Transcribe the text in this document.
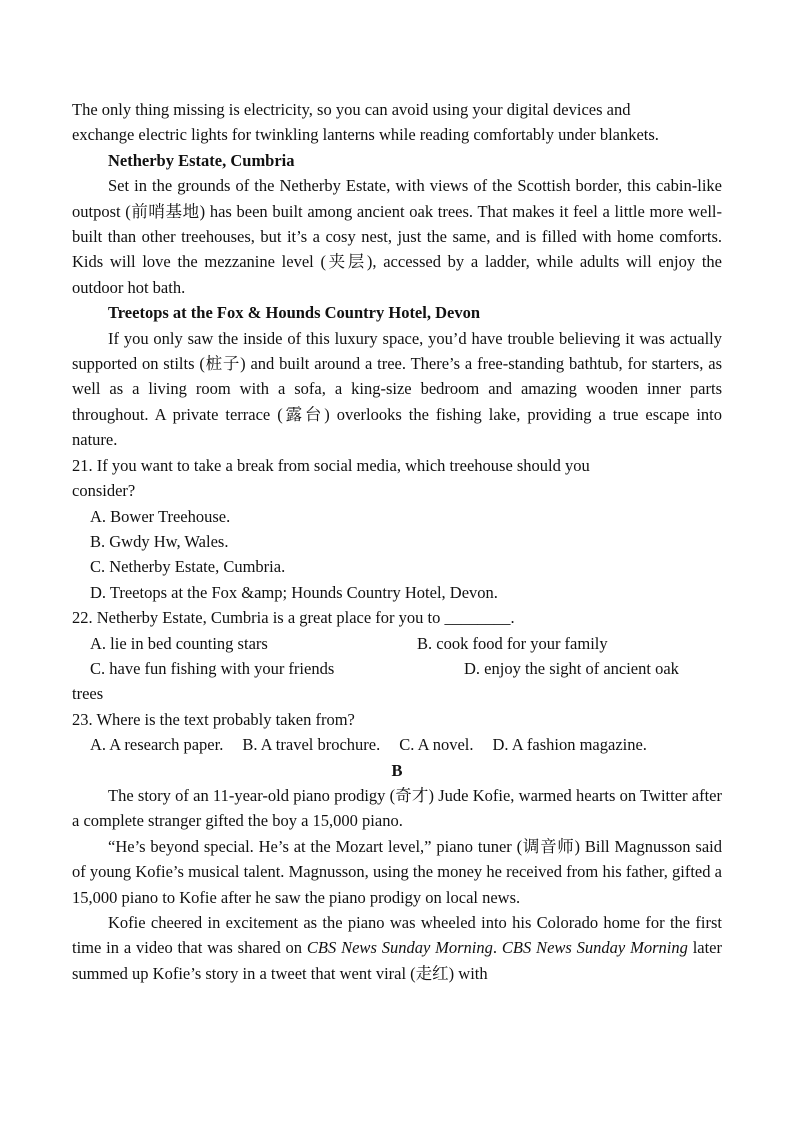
The only thing missing is electricity, so you can avoid using your digital devices and

exchange electric lights for twinkling lanterns while reading comfortably under blankets.

Netherby Estate, Cumbria

Set in the grounds of the Netherby Estate, with views of the Scottish border, this cabin-like outpost (前哨基地) has been built among ancient oak trees. That makes it feel a little more well- built than other treehouses, but it’s a cosy nest, just the same, and is filled with home comforts. Kids will love the mezzanine level (夹层), accessed by a ladder, while adults will enjoy the outdoor hot bath.

Treetops at the Fox & Hounds Country Hotel, Devon

If you only saw the inside of this luxury space, you’d have trouble believing it was actually supported on stilts (桩子) and built around a tree. There’s a free-standing bathtub, for starters, as well as a living room with a sofa, a king-size bedroom and amazing wooden inner parts throughout. A private terrace (露台) overlooks the fishing lake, providing a true escape into nature.

21. If you want to take a break from social media, which treehouse should you

consider?

A. Bower Treehouse.

B. Gwdy Hw, Wales.

C. Netherby Estate, Cumbria.

D. Treetops at the Fox &amp; Hounds Country Hotel, Devon.

22. Netherby Estate, Cumbria is a great place for you to ________.

A. lie in bed counting stars	B. cook food for your family
C. have fun fishing with your friends	D. enjoy the sight of ancient oak

trees

23. Where is the text probably taken from?

A. A research paper. B. A travel brochure. C. A novel. D. A fashion magazine.

B

The story of an 11-year-old piano prodigy (奇才) Jude Kofie, warmed hearts on Twitter after a complete stranger gifted the boy a 15,000 piano.

“He’s beyond special. He’s at the Mozart level,” piano tuner (调音师) Bill Magnusson said of young Kofie’s musical talent. Magnusson, using the money he received from his father, gifted a 15,000 piano to Kofie after he saw the piano prodigy on local news.

Kofie cheered in excitement as the piano was wheeled into his Colorado home for the first time in a video that was shared on CBS News Sunday Morning. CBS News Sunday Morning later summed up Kofie’s story in a tweet that went viral (走红) with
